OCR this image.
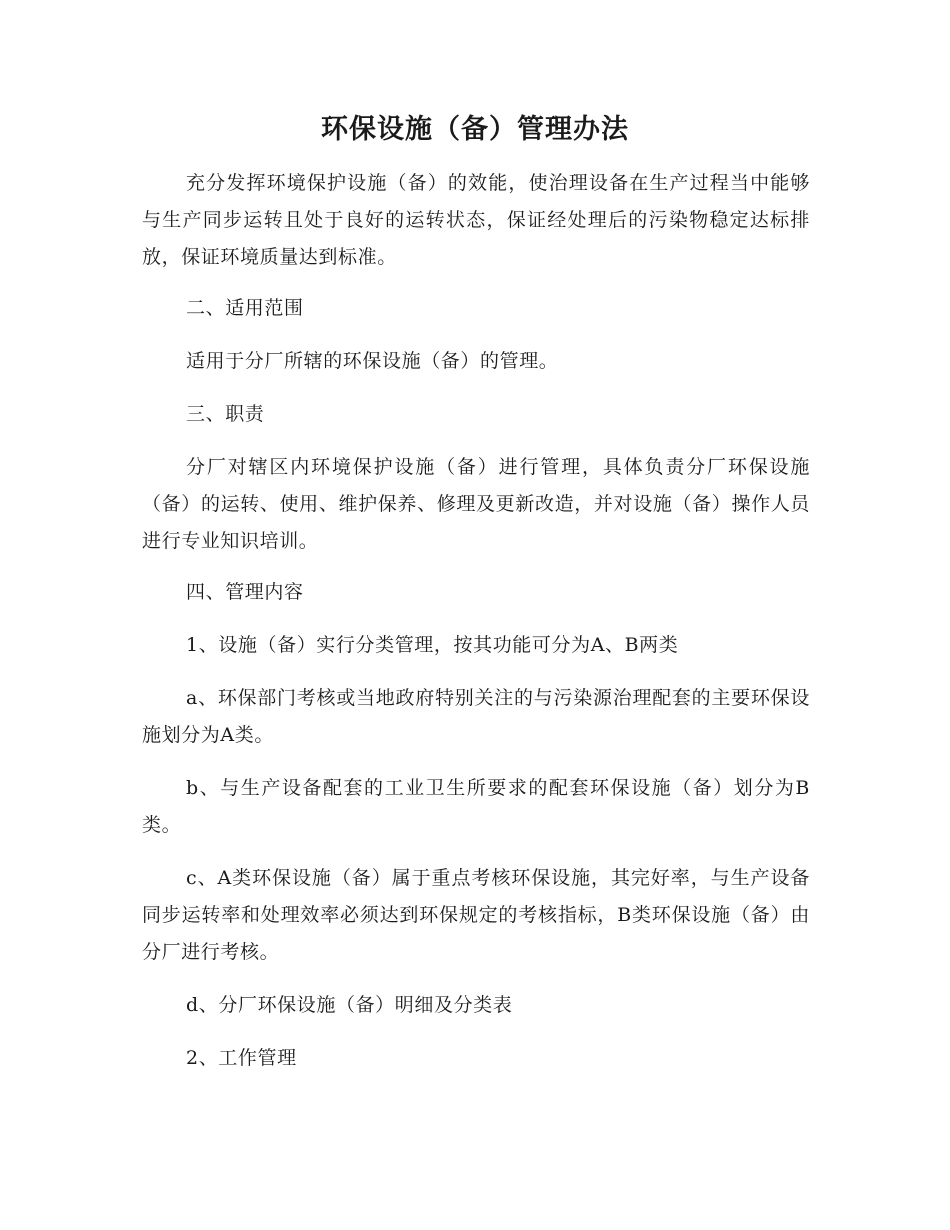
环保设施（备）管理办法

充分发挥环境保护设施（备）的效能，使治理设备在生产过程当中能够与生产同步运转且处于良好的运转状态，保证经处理后的污染物稳定达标排放，保证环境质量达到标准。

二、适用范围

适用于分厂所辖的环保设施（备）的管理。

三、职责

分厂对辖区内环境保护设施（备）进行管理，具体负责分厂环保设施（备）的运转、使用、维护保养、修理及更新改造，并对设施（备）操作人员进行专业知识培训。

四、管理内容

1、设施（备）实行分类管理，按其功能可分为A、B两类

a、环保部门考核或当地政府特别关注的与污染源治理配套的主要环保设施划分为A类。

b、与生产设备配套的工业卫生所要求的配套环保设施（备）划分为B类。

c、A类环保设施（备）属于重点考核环保设施，其完好率，与生产设备同步运转率和处理效率必须达到环保规定的考核指标，B类环保设施（备）由分厂进行考核。

d、分厂环保设施（备）明细及分类表

2、工作管理
